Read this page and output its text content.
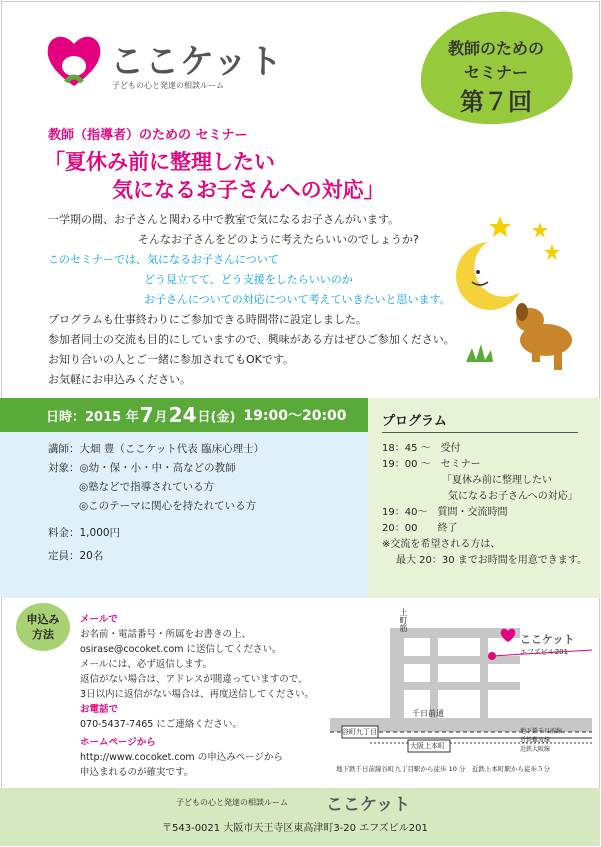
ここケット
子どもの心と発達の相談ルーム
教師のための
セミナー
第７回
教師（指導者）のための セミナー
「夏休み前に整理したい
気になるお子さんへの対応」
一学期の間、お子さんと関わる中で教室で気になるお子さんがいます。
そんなお子さんをどのように考えたらいいのでしょうか?
このセミナーでは、気になるお子さんについて
どう見立てて、どう支援をしたらいいのか
お子さんについての対応について考えていきたいと思います。
プログラムも仕事終わりにご参加できる時間帯に設定しました。
参加者同士の交流も目的にしていますので、興味がある方はぜひご参加ください。
お知り合いの人とご一緒に参加されてもOKです。
お気軽にお申込みください。
日時：2015 年 7 月 24 日 (金) 19:00～20:00
講師：大畑 豊（ここケット代表 臨床心理士）
対象：◎幼・保・小・中・高などの教師
◎塾などで指導されている方
◎このテーマに関心を持たれている方
料金：1,000円
定員：20名
プログラム
18：45 ～　 受付
19：00 ～　 セミナー
「夏休み前に整理したい
気になるお子さんへの対応」
19：40～　質問・交流時間
20：00　　終了
※交流を希望される方は、
最大 20：30 までお時間を用意できます。
申込み
方法
メールで
お名前・電話番号・所属をお書きの上、
osirase@cocoket.com に送信してください。
メールには、必ず返信します。
返信がない場合は、アドレスが間違っていますので、
3日以内に返信がない場合は、再度送信してください。
お電話で
070-5437-7465 にご連絡ください。
ホームページから
http://www.cocoket.com の申込みページから
申込まれるのが確実です。
上町筋
ここケット
エフズビル201
千日前通
谷町九丁目
大阪上本町
地下鉄千日前線
近鉄難波線
近鉄大阪線
地下鉄千日前線谷町九丁目駅から徒歩 10 分　近鉄上本町駅から徒歩５分
子どもの心と発達の相談ルーム ここケット
〒543-0021 大阪市天王寺区東高津町3-20 エフズビル201
